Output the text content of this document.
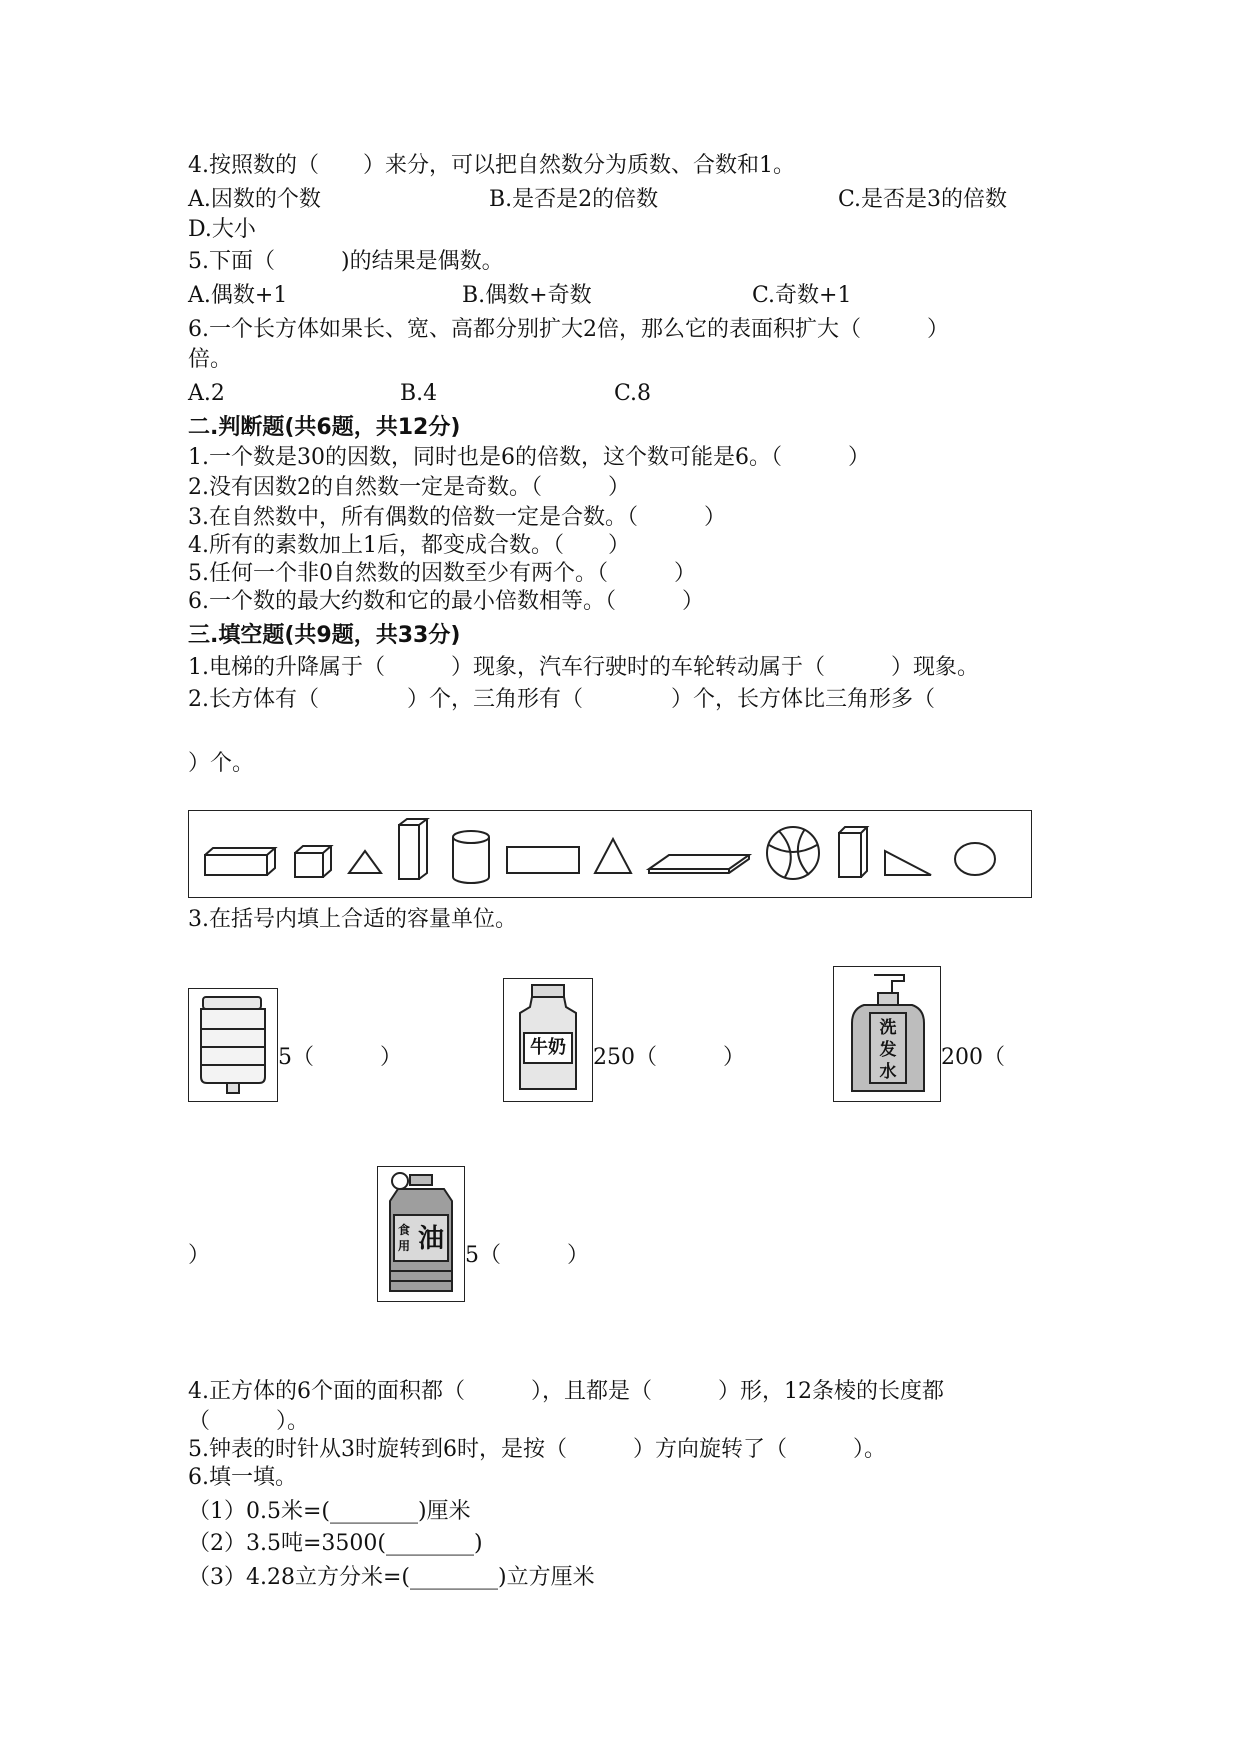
4.按照数的（　　）来分，可以把自然数分为质数、合数和1。
A.因数的个数	B.是否是2的倍数	C.是否是3的倍数
D.大小
5.下面（　　　)的结果是偶数。
A.偶数+1	B.偶数+奇数	C.奇数+1
6.一个长方体如果长、宽、高都分别扩大2倍，那么它的表面积扩大（　　　）
倍。
A.2	B.4	C.8
二.判断题(共6题，共12分)
1.一个数是30的因数，同时也是6的倍数，这个数可能是6。（　　　）
2.没有因数2的自然数一定是奇数。（　　　）
3.在自然数中，所有偶数的倍数一定是合数。（　　　）
4.所有的素数加上1后，都变成合数。（　　）
5.任何一个非0自然数的因数至少有两个。（　　　）
6.一个数的最大约数和它的最小倍数相等。（　　　）
三.填空题(共9题，共33分)
1.电梯的升降属于（　　　）现象，汽车行驶时的车轮转动属于（　　　）现象。
2.长方体有（　　　　）个，三角形有（　　　　）个，长方体比三角形多（
）个。
3.在括号内填上合适的容量单位。
5（　　　）	牛奶 250（　　　）
洗
发
水
200（
）
食
用 油
5（　　　）
4.正方体的6个面的面积都（　　　），且都是（　　　）形，12条棱的长度都
（　　　）。
5.钟表的时针从3时旋转到6时，是按（　　　）方向旋转了（　　　）。
6.填一填。
（1）0.5米=(________)厘米
（2）3.5吨=3500(________)
（3）4.28立方分米=(________)立方厘米
